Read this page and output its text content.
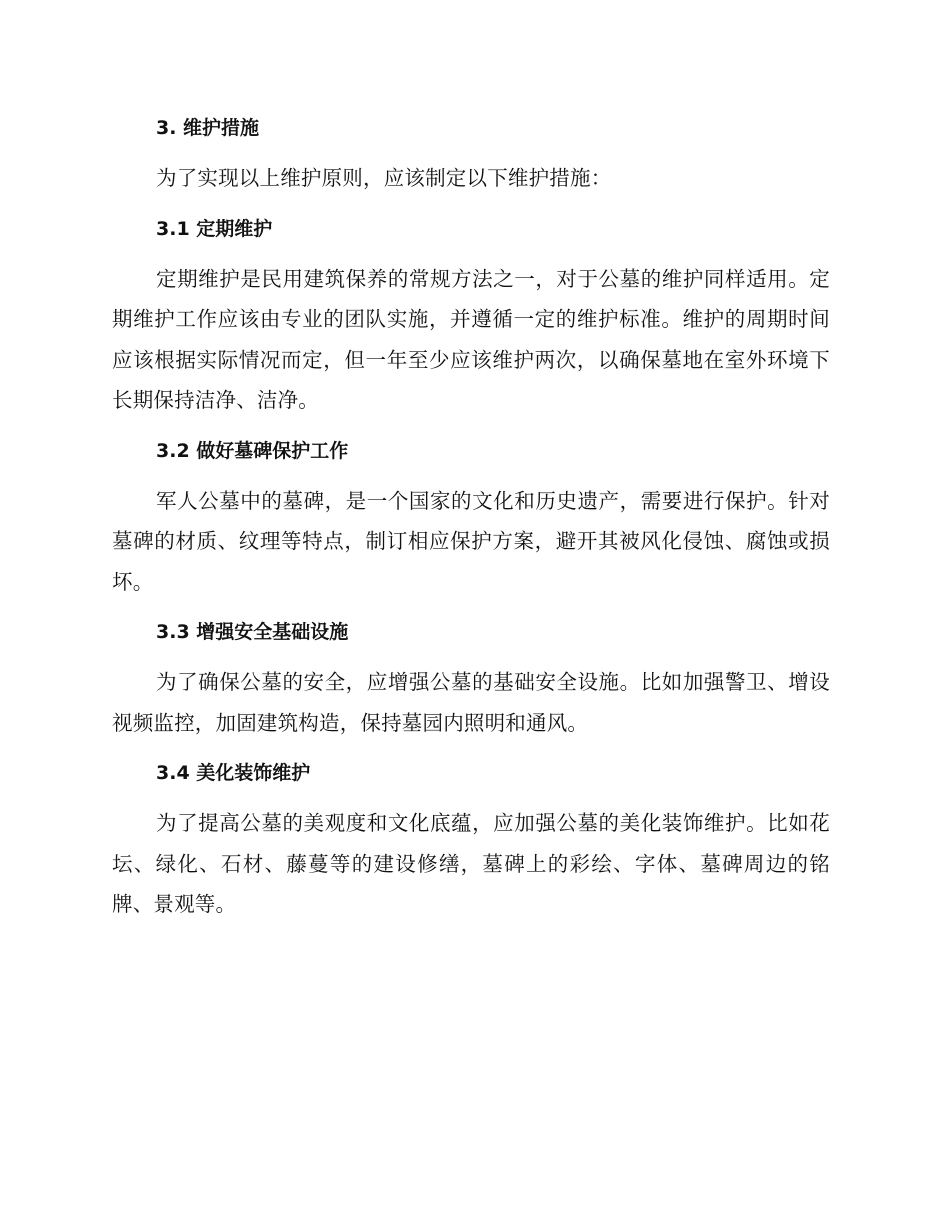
3. 维护措施

为了实现以上维护原则，应该制定以下维护措施：

3.1 定期维护

定期维护是民用建筑保养的常规方法之一，对于公墓的维护同样适用。定期维护工作应该由专业的团队实施，并遵循一定的维护标准。维护的周期时间应该根据实际情况而定，但一年至少应该维护两次，以确保墓地在室外环境下长期保持洁净、洁净。

3.2 做好墓碑保护工作

军人公墓中的墓碑，是一个国家的文化和历史遗产，需要进行保护。针对墓碑的材质、纹理等特点，制订相应保护方案，避开其被风化侵蚀、腐蚀或损坏。

3.3 增强安全基础设施

为了确保公墓的安全，应增强公墓的基础安全设施。比如加强警卫、增设视频监控，加固建筑构造，保持墓园内照明和通风。

3.4 美化装饰维护

为了提高公墓的美观度和文化底蕴，应加强公墓的美化装饰维护。比如花坛、绿化、石材、藤蔓等的建设修缮，墓碑上的彩绘、字体、墓碑周边的铭牌、景观等。
